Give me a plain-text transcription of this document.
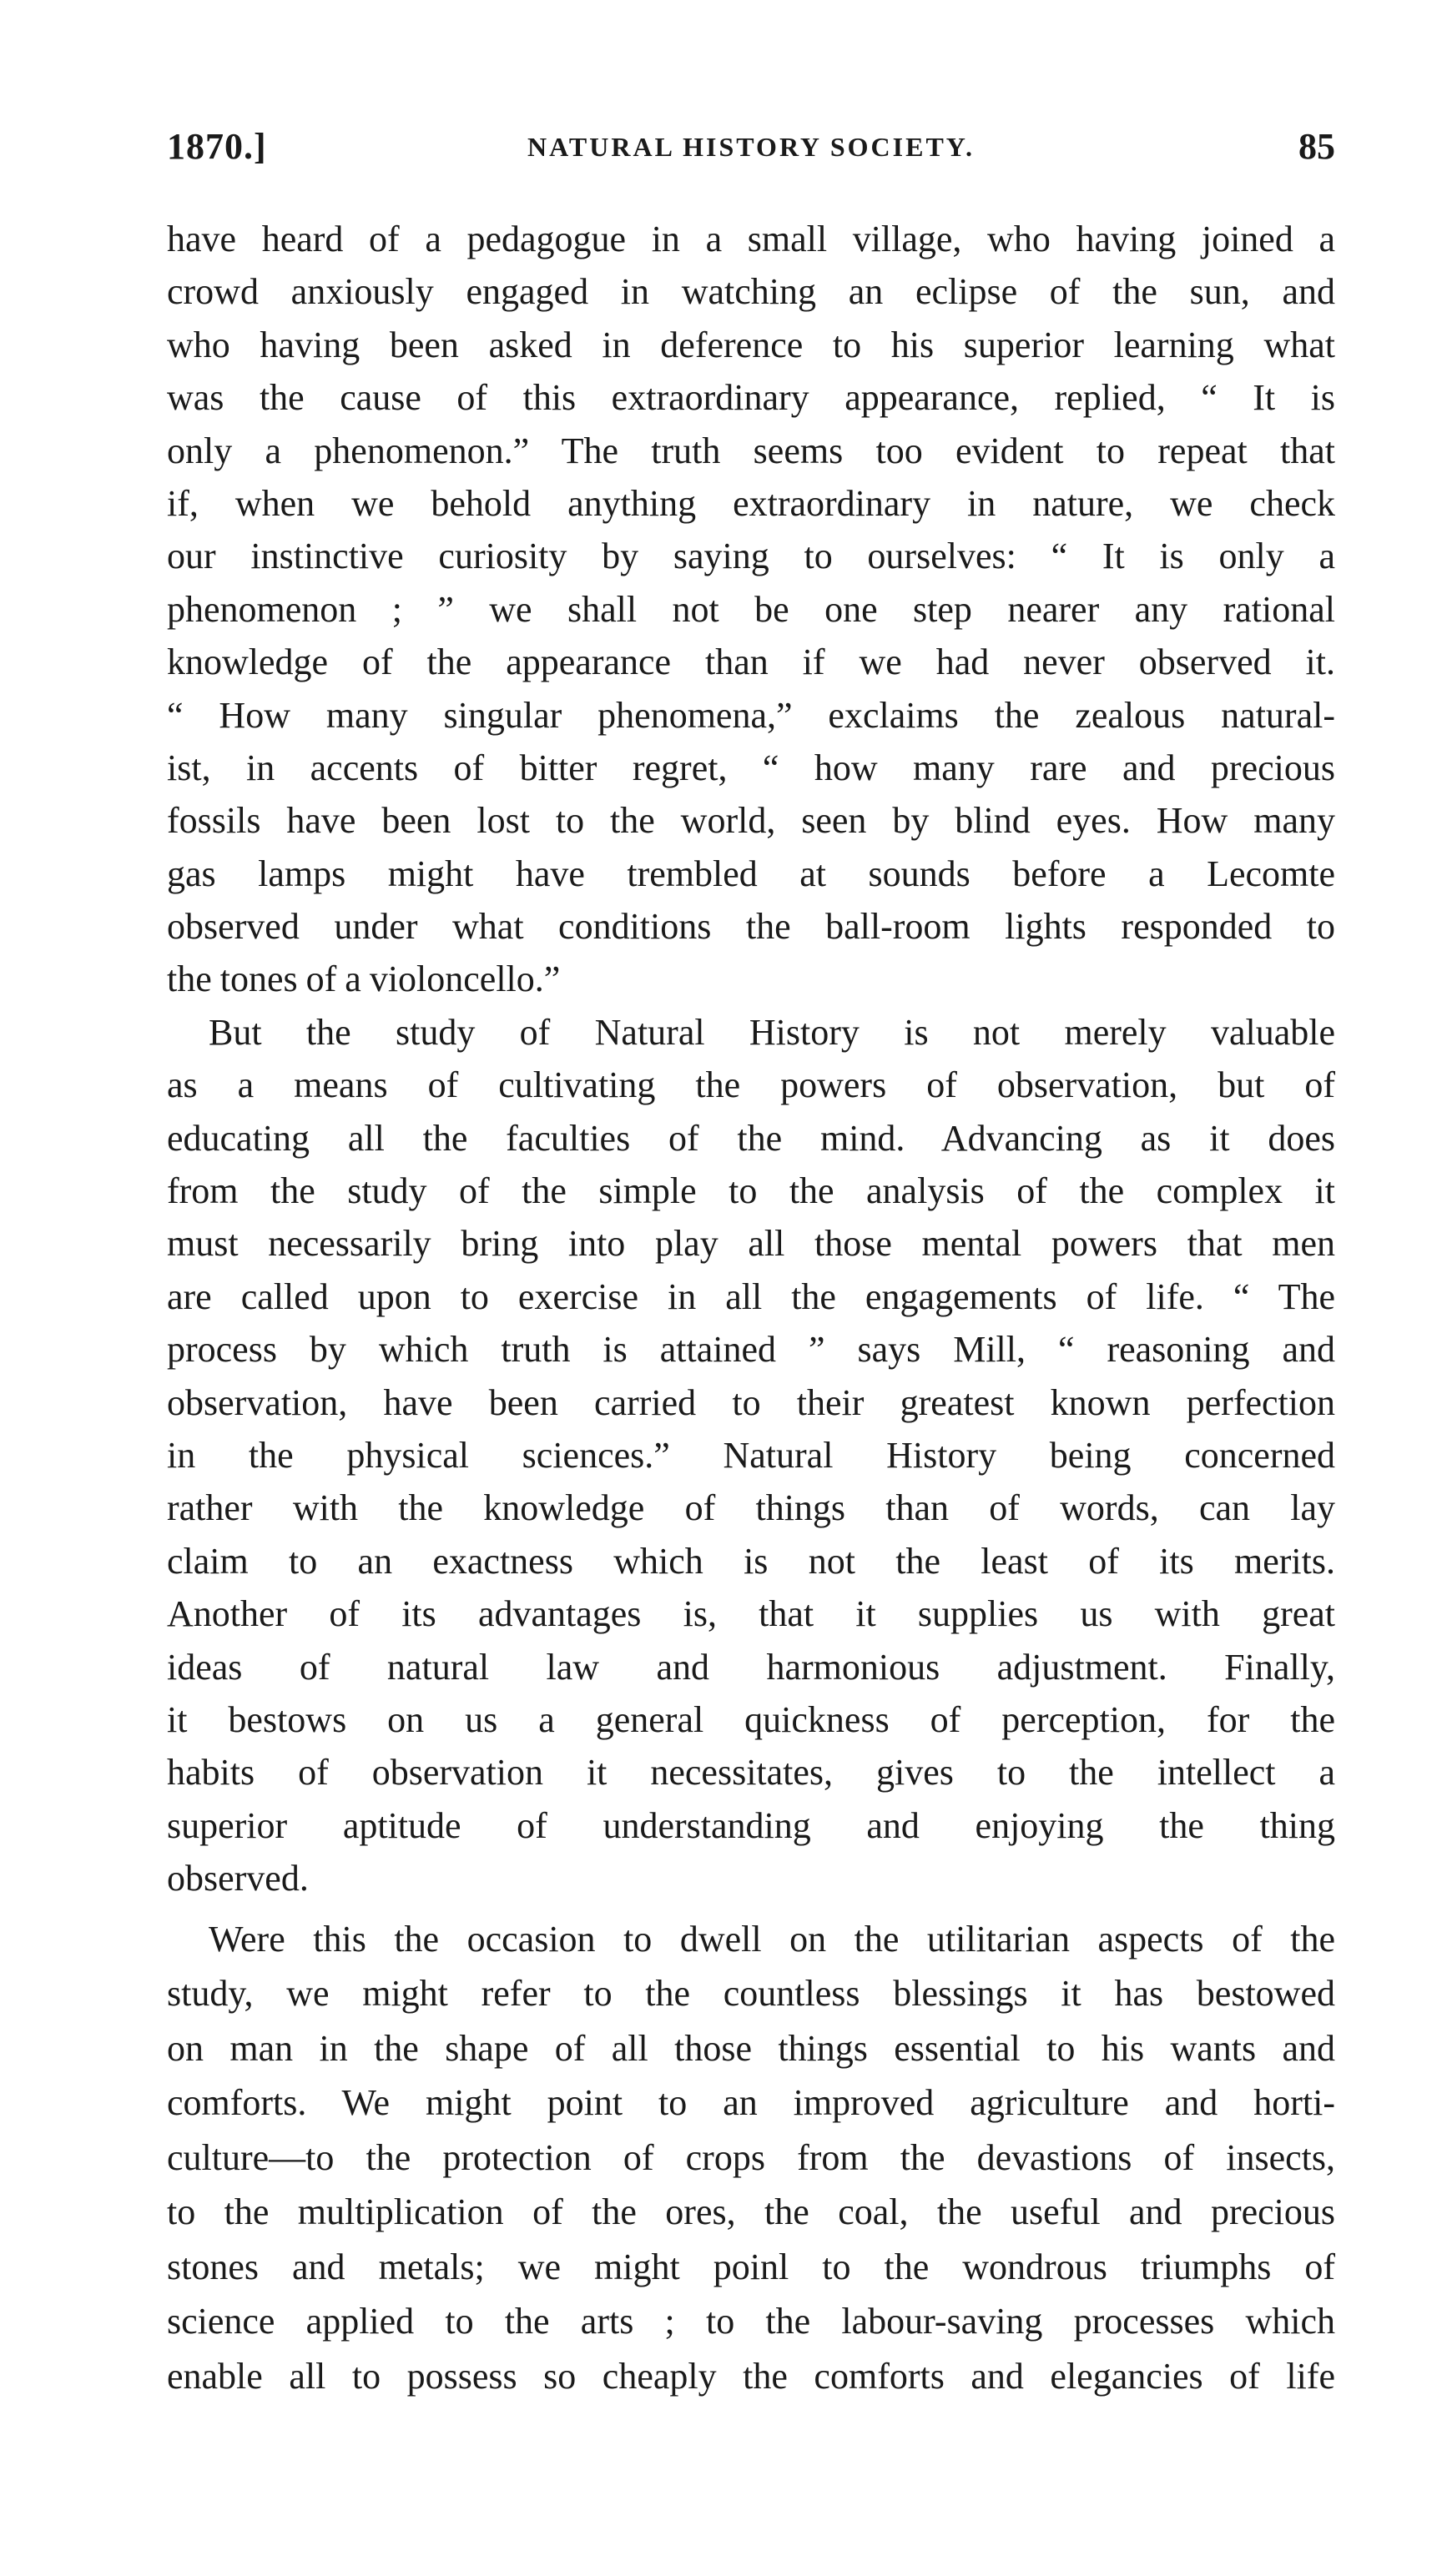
1870.]	NATURAL HISTORY SOCIETY.	85
have heard of a pedagogue in a small village, who having joined a
crowd anxiously engaged in watching an eclipse of the sun, and
who having been asked in deference to his superior learning what
was the cause of this extraordinary appearance, replied, “ It is
only a phenomenon.” The truth seems too evident to repeat that
if, when we behold anything extraordinary in nature, we check
our instinctive curiosity by saying to ourselves: “ It is only a
phenomenon ; ” we shall not be one step nearer any rational
knowledge of the appearance than if we had never observed it.
“ How many singular phenomena,” exclaims the zealous natural-
ist, in accents of bitter regret, “ how many rare and precious
fossils have been lost to the world, seen by blind eyes. How many
gas lamps might have trembled at sounds before a Lecomte
observed under what conditions the ball-room lights responded to
the tones of a violoncello.”
But the study of Natural History is not merely valuable
as a means of cultivating the powers of observation, but of
educating all the faculties of the mind. Advancing as it does
from the study of the simple to the analysis of the complex it
must necessarily bring into play all those mental powers that men
are called upon to exercise in all the engagements of life. “ The
process by which truth is attained ” says Mill, “ reasoning and
observation, have been carried to their greatest known perfection
in the physical sciences.” Natural History being concerned
rather with the knowledge of things than of words, can lay
claim to an exactness which is not the least of its merits.
Another of its advantages is, that it supplies us with great
ideas of natural law and harmonious adjustment. Finally,
it bestows on us a general quickness of perception, for the
habits of observation it necessitates, gives to the intellect a
superior aptitude of understanding and enjoying the thing
observed.
Were this the occasion to dwell on the utilitarian aspects of the
study, we might refer to the countless blessings it has bestowed
on man in the shape of all those things essential to his wants and
comforts. We might point to an improved agriculture and horti-
culture—to the protection of crops from the devastions of insects,
to the multiplication of the ores, the coal, the useful and precious
stones and metals; we might poinl to the wondrous triumphs of
science applied to the arts ; to the labour-saving processes which
enable all to possess so cheaply the comforts and elegancies of life
